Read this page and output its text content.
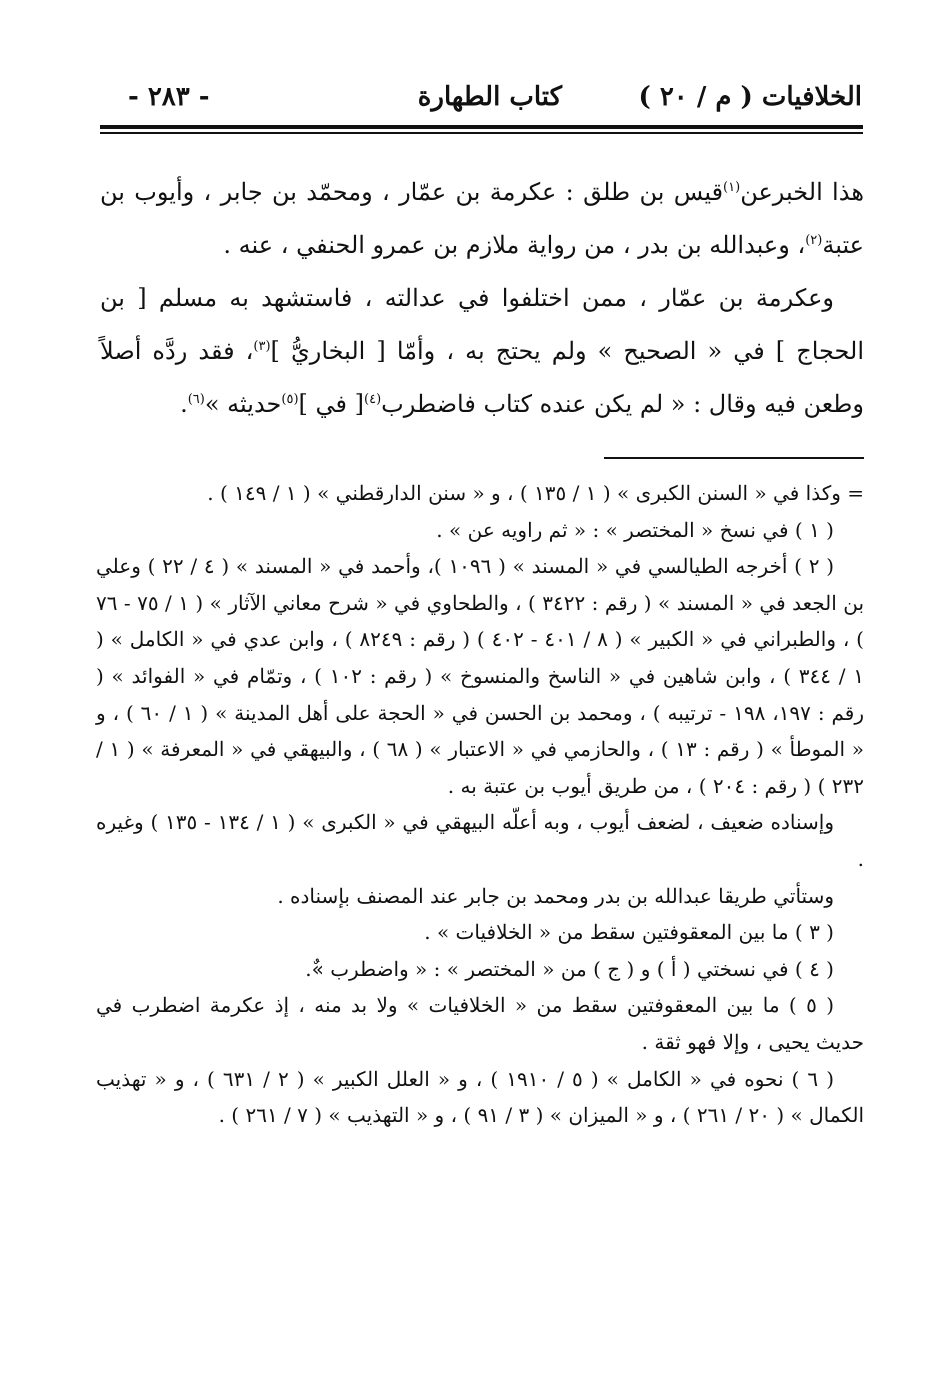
الخلافيات ( م / ٢٠ )
كتاب الطهارة
- ٢٨٣ -

هذا الخبرعن$^{(١)}$قيس بن طلق : عكرمة بن عمّار ، ومحمّد بن جابر ، وأيوب بن عتبة$^{(٢)}$، وعبدالله بن بدر ، من رواية ملازم بن عمرو الحنفي ، عنه .

وعكرمة بن عمّار ، ممن اختلفوا في عدالته ، فاستشهد به مسلم [ بن الحجاج ] في « الصحيح » ولم يحتج به ، وأمّا [ البخاريُّ ]$^{(٣)}$، فقد ردَّه أصلاً وطعن فيه وقال : « لم يكن عنده كتاب فاضطرب$^{(٤)}$[ في ]$^{(٥)}$حديثه »$^{(٦)}$.

= وكذا في « السنن الكبرى » ( ١ / ١٣٥ ) ، و « سنن الدارقطني » ( ١ / ١٤٩ ) .

( ١ ) في نسخ « المختصر » : « ثم راويه عن » .

( ٢ ) أخرجه الطيالسي في « المسند » ( ١٠٩٦ )، وأحمد في « المسند » ( ٤ / ٢٢ ) وعلي بن الجعد في « المسند » ( رقم : ٣٤٢٢ ) ، والطحاوي في « شرح معاني الآثار » ( ١ / ٧٥ - ٧٦ ) ، والطبراني في « الكبير » ( ٨ / ٤٠١ - ٤٠٢ ) ( رقم : ٨٢٤٩ ) ، وابن عدي في « الكامل » ( ١ / ٣٤٤ ) ، وابن شاهين في « الناسخ والمنسوخ » ( رقم : ١٠٢ ) ، وتمّام في « الفوائد » ( رقم : ١٩٧، ١٩٨ - ترتيبه ) ، ومحمد بن الحسن في « الحجة على أهل المدينة » ( ١ / ٦٠ ) ، و « الموطأ » ( رقم : ١٣ ) ، والحازمي في « الاعتبار » ( ٦٨ ) ، والبيهقي في « المعرفة » ( ١ / ٢٣٢ ) ( رقم : ٢٠٤ ) ، من طريق أيوب بن عتبة به .

وإسناده ضعيف ، لضعف أيوب ، وبه أعلّه البيهقي في « الكبرى » ( ١ / ١٣٤ - ١٣٥ ) وغيره .

وستأتي طريقا عبدالله بن بدر ومحمد بن جابر عند المصنف بإسناده .

( ٣ ) ما بين المعقوفتين سقط من « الخلافيات » .

( ٤ ) في نسختي ( أ ) و ( ج ) من « المختصر » : « واضطرب »ٌ.

( ٥ ) ما بين المعقوفتين سقط من « الخلافيات » ولا بد منه ، إذ عكرمة اضطرب في حديث يحيى ، وإلا فهو ثقة .

( ٦ ) نحوه في « الكامل » ( ٥ / ١٩١٠ ) ، و « العلل الكبير » ( ٢ / ٦٣١ ) ، و « تهذيب الكمال » ( ٢٠ / ٢٦١ ) ، و « الميزان » ( ٣ / ٩١ ) ، و « التهذيب » ( ٧ / ٢٦١ ) .
